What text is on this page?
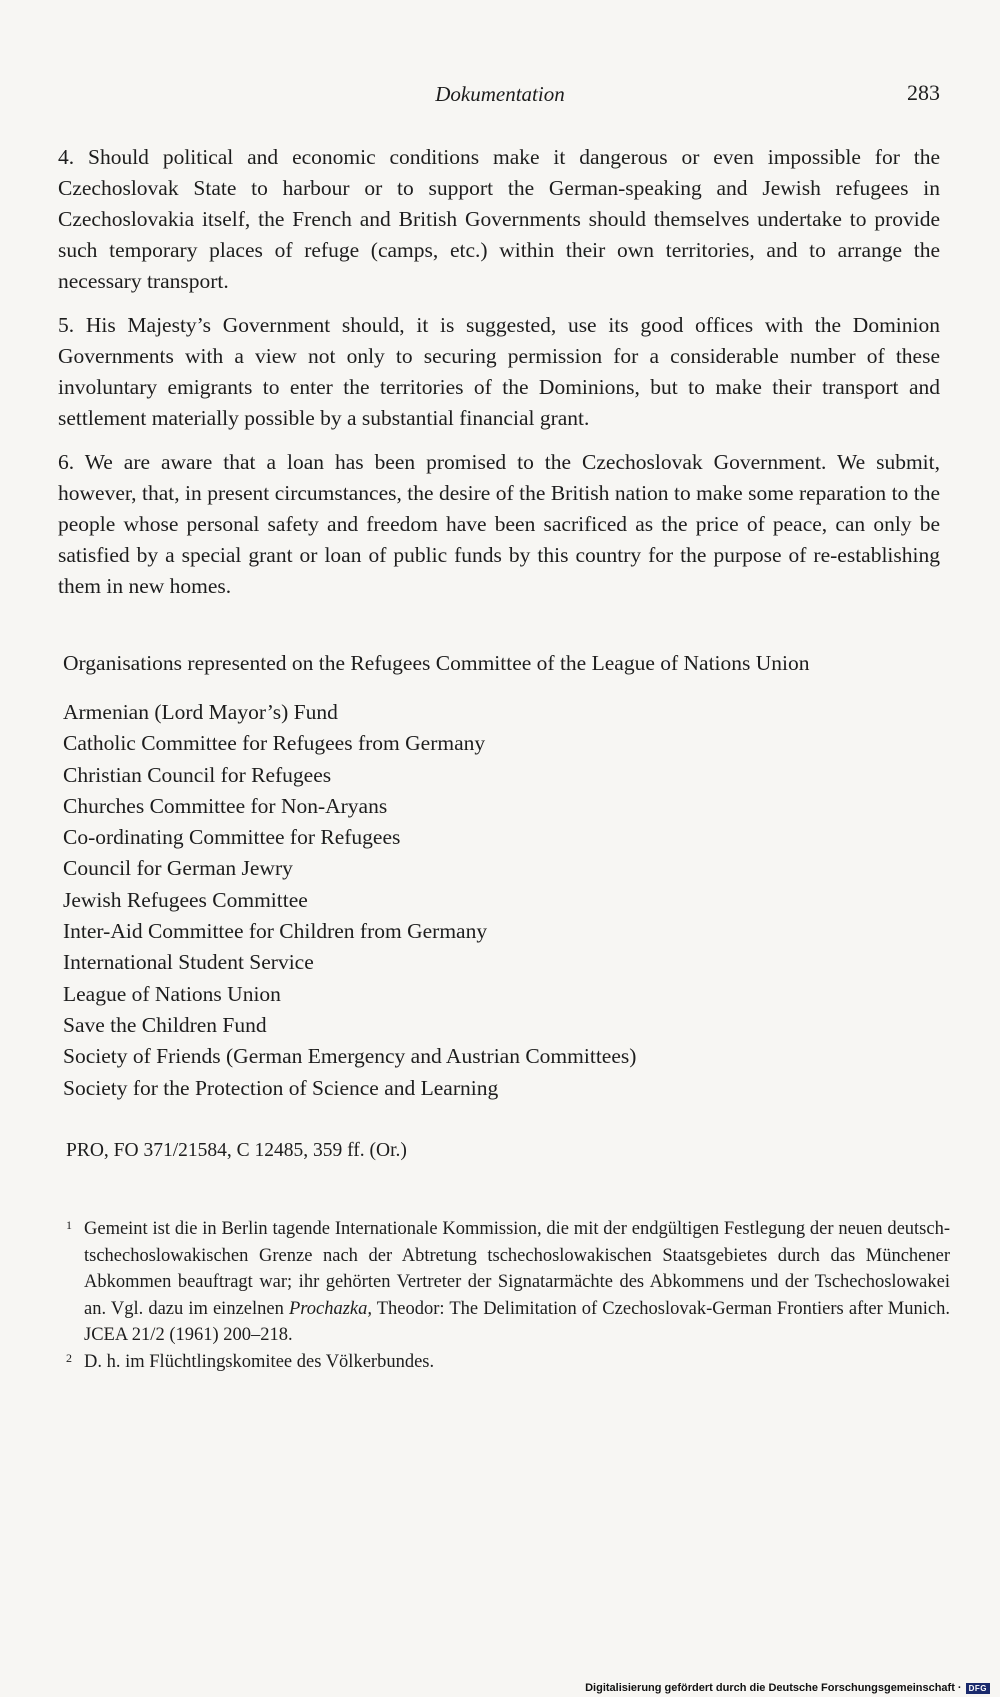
Dokumentation	283

4. Should political and economic conditions make it dangerous or even impossible for the Czechoslovak State to harbour or to support the German-speaking and Jewish refugees in Czechoslovakia itself, the French and British Governments should themselves undertake to provide such temporary places of refuge (camps, etc.) within their own territories, and to arrange the necessary transport.

5. His Majesty’s Government should, it is suggested, use its good offices with the Dominion Governments with a view not only to securing permission for a considerable number of these involuntary emigrants to enter the territories of the Dominions, but to make their transport and settlement materially possible by a substantial financial grant.

6. We are aware that a loan has been promised to the Czechoslovak Government. We submit, however, that, in present circumstances, the desire of the British nation to make some reparation to the people whose personal safety and freedom have been sacrificed as the price of peace, can only be satisfied by a special grant or loan of public funds by this country for the purpose of re-establishing them in new homes.

Organisations represented on the Refugees Committee of the League of Nations Union

Armenian (Lord Mayor’s) Fund
Catholic Committee for Refugees from Germany
Christian Council for Refugees
Churches Committee for Non-Aryans
Co-ordinating Committee for Refugees
Council for German Jewry
Jewish Refugees Committee
Inter-Aid Committee for Children from Germany
International Student Service
League of Nations Union
Save the Children Fund
Society of Friends (German Emergency and Austrian Committees)
Society for the Protection of Science and Learning

PRO, FO 371/21584, C 12485, 359 ff. (Or.)

1 Gemeint ist die in Berlin tagende Internationale Kommission, die mit der endgültigen Festlegung der neuen deutsch-tschechoslowakischen Grenze nach der Abtretung tschechoslowakischen Staatsgebietes durch das Münchener Abkommen beauftragt war; ihr gehörten Vertreter der Signatarmächte des Abkommens und der Tschechoslowakei an. Vgl. dazu im einzelnen Prochazka, Theodor: The Delimitation of Czechoslovak-German Frontiers after Munich. JCEA 21/2 (1961) 200–218.

2 D. h. im Flüchtlingskomitee des Völkerbundes.

Digitalisierung gefördert durch die Deutsche Forschungsgemeinschaft · DFG
